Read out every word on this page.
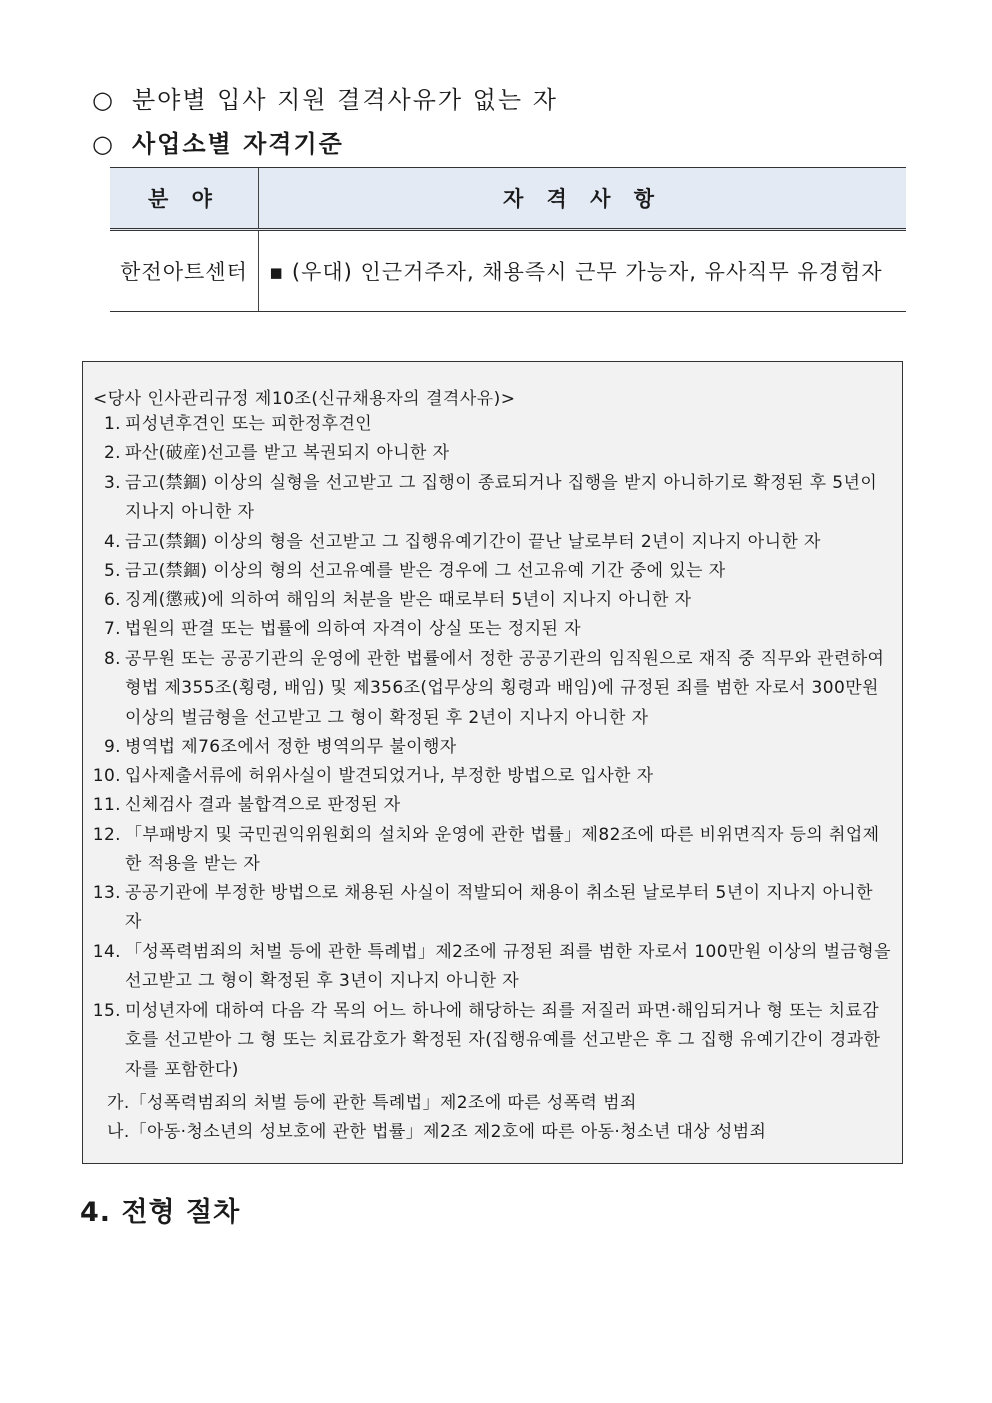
○ 분야별 입사 지원 결격사유가 없는 자
○ 사업소별 자격기준
분 야	자 격 사 항
한전아트센터	▪ (우대) 인근거주자, 채용즉시 근무 가능자, 유사직무 유경험자
<당사 인사관리규정 제10조(신규채용자의 결격사유)>
1. 피성년후견인 또는 피한정후견인
2. 파산(破産)선고를 받고 복권되지 아니한 자
3. 금고(禁錮) 이상의 실형을 선고받고 그 집행이 종료되거나 집행을 받지 아니하기로 확정된 후 5년이 지나지 아니한 자
4. 금고(禁錮) 이상의 형을 선고받고 그 집행유예기간이 끝난 날로부터 2년이 지나지 아니한 자
5. 금고(禁錮) 이상의 형의 선고유예를 받은 경우에 그 선고유예 기간 중에 있는 자
6. 징계(懲戒)에 의하여 해임의 처분을 받은 때로부터 5년이 지나지 아니한 자
7. 법원의 판결 또는 법률에 의하여 자격이 상실 또는 정지된 자
8. 공무원 또는 공공기관의 운영에 관한 법률에서 정한 공공기관의 임직원으로 재직 중 직무와 관련하여 형법 제355조(횡령, 배임) 및 제356조(업무상의 횡령과 배임)에 규정된 죄를 범한 자로서 300만원 이상의 벌금형을 선고받고 그 형이 확정된 후 2년이 지나지 아니한 자
9. 병역법 제76조에서 정한 병역의무 불이행자
10. 입사제출서류에 허위사실이 발견되었거나, 부정한 방법으로 입사한 자
11. 신체검사 결과 불합격으로 판정된 자
12. 「부패방지 및 국민권익위원회의 설치와 운영에 관한 법률」제82조에 따른 비위면직자 등의 취업제한 적용을 받는 자
13. 공공기관에 부정한 방법으로 채용된 사실이 적발되어 채용이 취소된 날로부터 5년이 지나지 아니한 자
14. 「성폭력범죄의 처벌 등에 관한 특례법」제2조에 규정된 죄를 범한 자로서 100만원 이상의 벌금형을 선고받고 그 형이 확정된 후 3년이 지나지 아니한 자
15. 미성년자에 대하여 다음 각 목의 어느 하나에 해당하는 죄를 저질러 파면·해임되거나 형 또는 치료감호를 선고받아 그 형 또는 치료감호가 확정된 자(집행유예를 선고받은 후 그 집행 유예기간이 경과한 자를 포함한다)
가.「성폭력범죄의 처벌 등에 관한 특례법」제2조에 따른 성폭력 범죄
나.「아동·청소년의 성보호에 관한 법률」제2조 제2호에 따른 아동·청소년 대상 성범죄
4. 전형 절차
